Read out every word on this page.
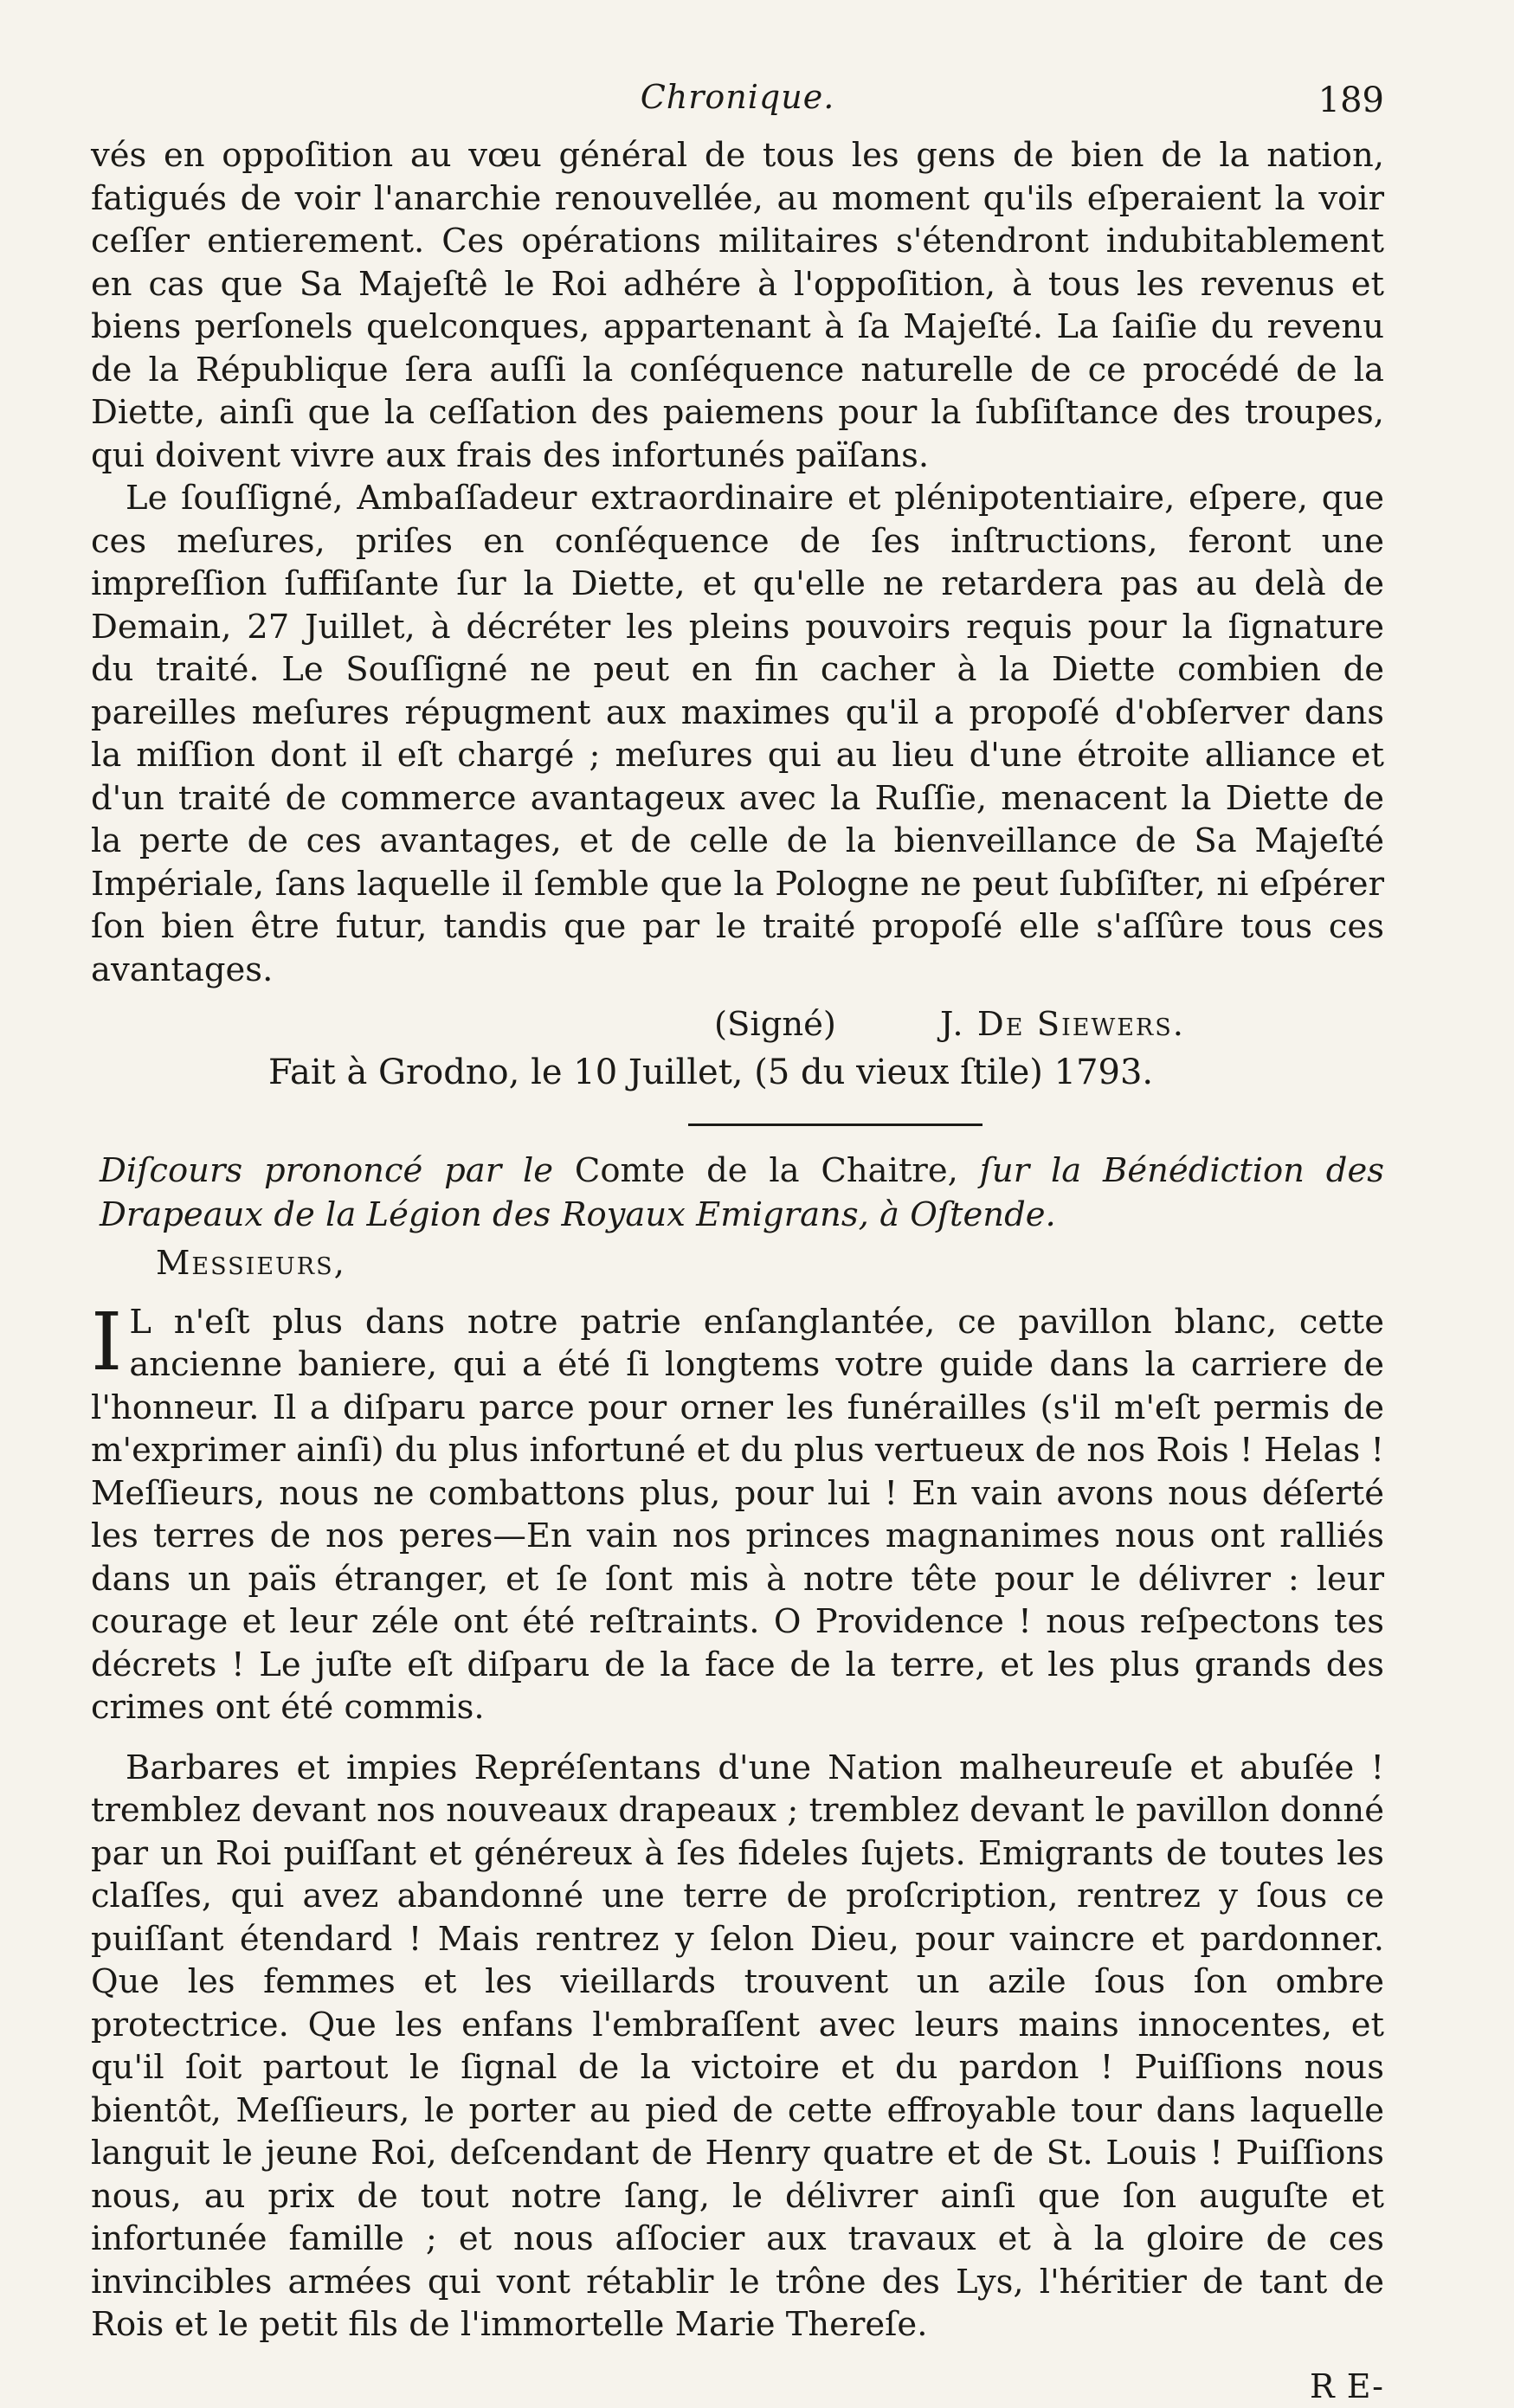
Chronique.	189

vés en oppoſition au vœu général de tous les gens de bien de la nation, fatigués de voir l'anarchie renouvellée, au moment qu'ils eſperaient la voir ceſſer entierement. Ces opérations militaires s'étendront indubitablement en cas que Sa Majeſtê le Roi adhére à l'oppoſition, à tous les revenus et biens perſonels quelconques, appartenant à ſa Majeſté. La ſaiſie du revenu de la République ſera auſſi la conſéquence naturelle de ce procédé de la Diette, ainſi que la ceſſation des paiemens pour la ſubſiſtance des troupes, qui doivent vivre aux frais des infortunés païſans.

Le ſouſſigné, Ambaſſadeur extraordinaire et plénipotentiaire, eſpere, que ces meſures, priſes en conſéquence de ſes inſtructions, feront une impreſſion ſuffiſante ſur la Diette, et qu'elle ne retardera pas au delà de Demain, 27 Juillet, à décréter les pleins pouvoirs requis pour la ſignature du traité. Le Souſſigné ne peut en fin cacher à la Diette combien de pareilles meſures répugment aux maximes qu'il a propoſé d'obſerver dans la miſſion dont il eſt chargé ; meſures qui au lieu d'une étroite alliance et d'un traité de commerce avantageux avec la Ruſſie, menacent la Diette de la perte de ces avantages, et de celle de la bienveillance de Sa Majeſté Impériale, ſans laquelle il ſemble que la Pologne ne peut ſubſiſter, ni eſpérer ſon bien être futur, tandis que par le traité propoſé elle s'aſſûre tous ces avantages.

(Signé)	J. De Siewers.
Fait à Grodno, le 10 Juillet, (5 du vieux ſtile) 1793.
Diſcours prononcé par le Comte de la Chaitre, ſur la Bénédiction des Drapeaux de la Légion des Royaux Emigrans, à Oſtende.
Messieurs,

I L n'eſt plus dans notre patrie enſanglantée, ce pavillon blanc, cette ancienne baniere, qui a été ſi longtems votre guide dans la carriere de l'honneur. Il a diſparu parce pour orner les funérailles (s'il m'eſt permis de m'exprimer ainſi) du plus infortuné et du plus vertueux de nos Rois ! Helas ! Meſſieurs, nous ne combattons plus, pour lui ! En vain avons nous déſerté les terres de nos peres—En vain nos princes magnanimes nous ont ralliés dans un païs étranger, et ſe ſont mis à notre tête pour le délivrer : leur courage et leur zéle ont été reſtraints. O Providence ! nous reſpectons tes décrets ! Le juſte eſt diſparu de la face de la terre, et les plus grands des crimes ont été commis.

Barbares et impies Repréſentans d'une Nation malheureuſe et abuſée ! tremblez devant nos nouveaux drapeaux ; tremblez devant le pavillon donné par un Roi puiſſant et généreux à ſes fideles ſujets. Emigrants de toutes les claſſes, qui avez abandonné une terre de proſcription, rentrez y ſous ce puiſſant étendard ! Mais rentrez y ſelon Dieu, pour vaincre et pardonner. Que les femmes et les vieillards trouvent un azile ſous ſon ombre protectrice. Que les enfans l'embraſſent avec leurs mains innocentes, et qu'il ſoit partout le ſignal de la victoire et du pardon ! Puiſſions nous bientôt, Meſſieurs, le porter au pied de cette effroyable tour dans laquelle languit le jeune Roi, deſcendant de Henry quatre et de St. Louis ! Puiſſions nous, au prix de tout notre ſang, le délivrer ainſi que ſon auguſte et infortunée famille ; et nous aſſocier aux travaux et à la gloire de ces invincibles armées qui vont rétablir le trône des Lys, l'héritier de tant de Rois et le petit fils de l'immortelle Marie Thereſe.

R E-
